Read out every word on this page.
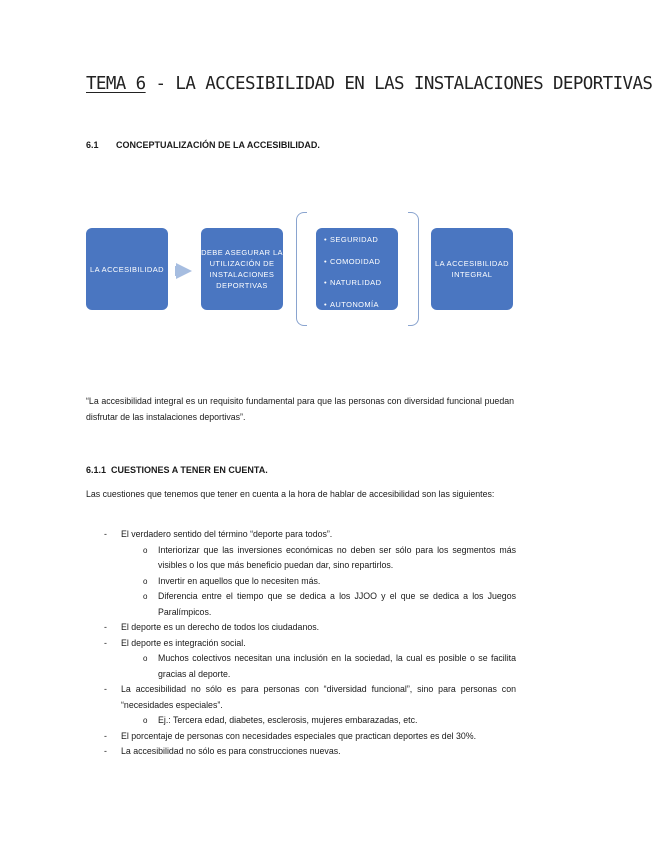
TEMA 6 - LA ACCESIBILIDAD EN LAS INSTALACIONES DEPORTIVAS
6.1 CONCEPTUALIZACIÓN DE LA ACCESIBILIDAD.
LA ACCESIBILIDAD
DEBE ASEGURAR LA UTILIZACIÓN DE INSTALACIONES DEPORTIVAS
• SEGURIDAD
• COMODIDAD
• NATURLIDAD
• AUTONOMÍA
LA ACCESIBILIDAD INTEGRAL
“La accesibilidad integral es un requisito fundamental para que las personas con diversidad funcional puedan disfrutar de las instalaciones deportivas”.
6.1.1 CUESTIONES A TENER EN CUENTA.
Las cuestiones que tenemos que tener en cuenta a la hora de hablar de accesibilidad son las siguientes:
- El verdadero sentido del término “deporte para todos”.
o Interiorizar que las inversiones económicas no deben ser sólo para los segmentos más visibles o los que más beneficio puedan dar, sino repartirlos.
o Invertir en aquellos que lo necesiten más.
o Diferencia entre el tiempo que se dedica a los JJOO y el que se dedica a los Juegos Paralímpicos.
- El deporte es un derecho de todos los ciudadanos.
- El deporte es integración social.
o Muchos colectivos necesitan una inclusión en la sociedad, la cual es posible o se facilita gracias al deporte.
- La accesibilidad no sólo es para personas con “diversidad funcional”, sino para personas con “necesidades especiales”.
o Ej.: Tercera edad, diabetes, esclerosis, mujeres embarazadas, etc.
- El porcentaje de personas con necesidades especiales que practican deportes es del 30%.
- La accesibilidad no sólo es para construcciones nuevas.
